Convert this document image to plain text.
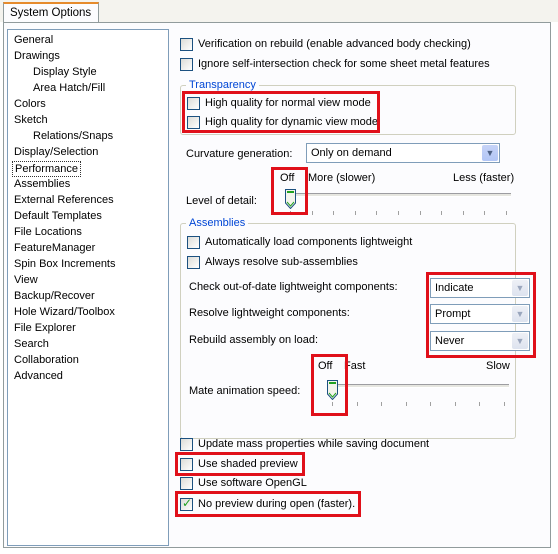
System Options
General
Drawings
Display Style
Area Hatch/Fill
Colors
Sketch
Relations/Snaps
Display/Selection
Performance
Assemblies
External References
Default Templates
File Locations
FeatureManager
Spin Box Increments
View
Backup/Recover
Hole Wizard/Toolbox
File Explorer
Search
Collaboration
Advanced
Verification on rebuild (enable advanced body checking)
Ignore self-intersection check for some sheet metal features
Transparency
High quality for normal view mode
High quality for dynamic view mode
Curvature generation:	Only on demand	▼
Off More (slower)	Less (faster)
Level of detail:
Assemblies
Automatically load components lightweight
Always resolve sub-assemblies
Check out-of-date lightweight components:	Indicate	▼
Resolve lightweight components:	Prompt	▼
Rebuild assembly on load:	Never	▼
Off Fast	Slow
Mate animation speed:
Update mass properties while saving document
Use shaded preview
Use software OpenGL
✓
No preview during open (faster).
